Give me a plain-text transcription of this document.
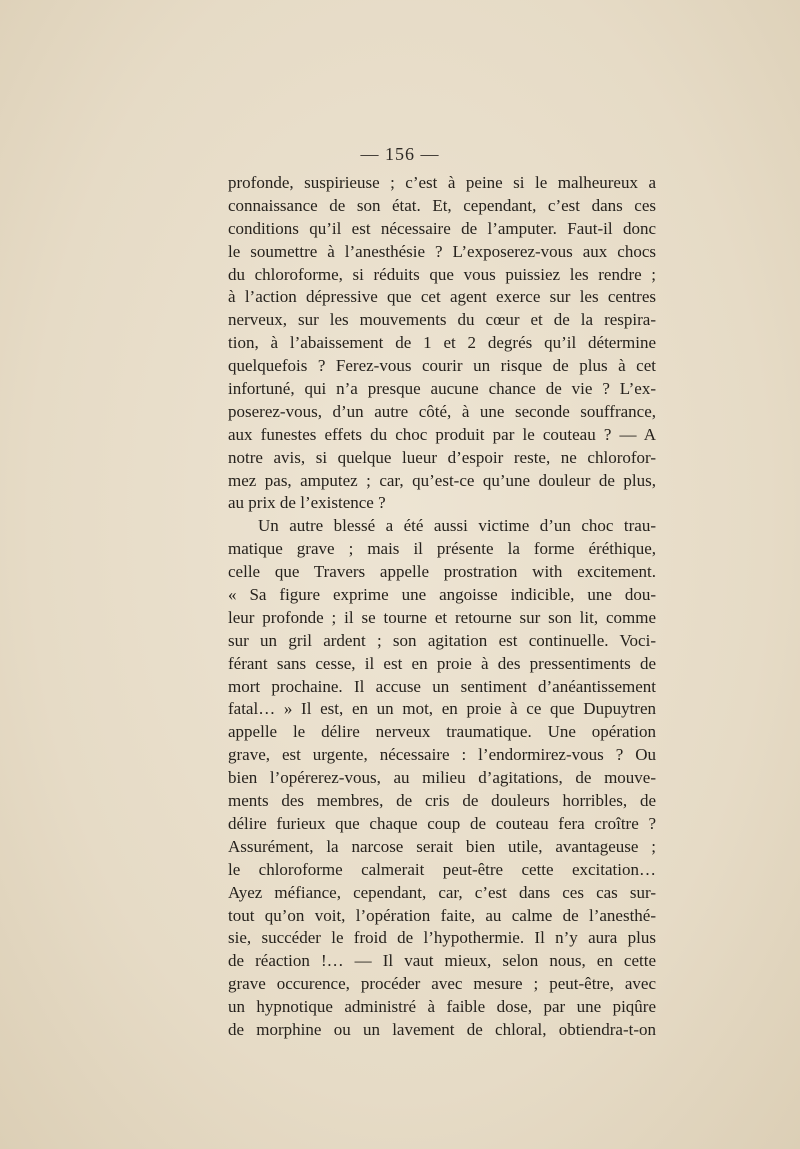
— 156 —
profonde, suspirieuse ; c’est à peine si le malheureux a
connaissance de son état. Et, cependant, c’est dans ces
conditions qu’il est nécessaire de l’amputer. Faut-il donc
le soumettre à l’anesthésie ? L’exposerez-vous aux chocs
du chloroforme, si réduits que vous puissiez les rendre ;
à l’action dépressive que cet agent exerce sur les centres
nerveux, sur les mouvements du cœur et de la respira-
tion, à l’abaissement de 1 et 2 degrés qu’il détermine
quelquefois ? Ferez-vous courir un risque de plus à cet
infortuné, qui n’a presque aucune chance de vie ? L’ex-
poserez-vous, d’un autre côté, à une seconde souffrance,
aux funestes effets du choc produit par le couteau ? — A
notre avis, si quelque lueur d’espoir reste, ne chlorofor-
mez pas, amputez ; car, qu’est-ce qu’une douleur de plus,
au prix de l’existence ?
Un autre blessé a été aussi victime d’un choc trau-
matique grave ; mais il présente la forme éréthique,
celle que Travers appelle prostration with excitement.
« Sa figure exprime une angoisse indicible, une dou-
leur profonde ; il se tourne et retourne sur son lit, comme
sur un gril ardent ; son agitation est continuelle. Voci-
férant sans cesse, il est en proie à des pressentiments de
mort prochaine. Il accuse un sentiment d’anéantissement
fatal… » Il est, en un mot, en proie à ce que Dupuytren
appelle le délire nerveux traumatique. Une opération
grave, est urgente, nécessaire : l’endormirez-vous ? Ou
bien l’opérerez-vous, au milieu d’agitations, de mouve-
ments des membres, de cris de douleurs horribles, de
délire furieux que chaque coup de couteau fera croître ?
Assurément, la narcose serait bien utile, avantageuse ;
le chloroforme calmerait peut-être cette excitation…
Ayez méfiance, cependant, car, c’est dans ces cas sur-
tout qu’on voit, l’opération faite, au calme de l’anesthé-
sie, succéder le froid de l’hypothermie. Il n’y aura plus
de réaction !… — Il vaut mieux, selon nous, en cette
grave occurence, procéder avec mesure ; peut-être, avec
un hypnotique administré à faible dose, par une piqûre
de morphine ou un lavement de chloral, obtiendra-t-on
